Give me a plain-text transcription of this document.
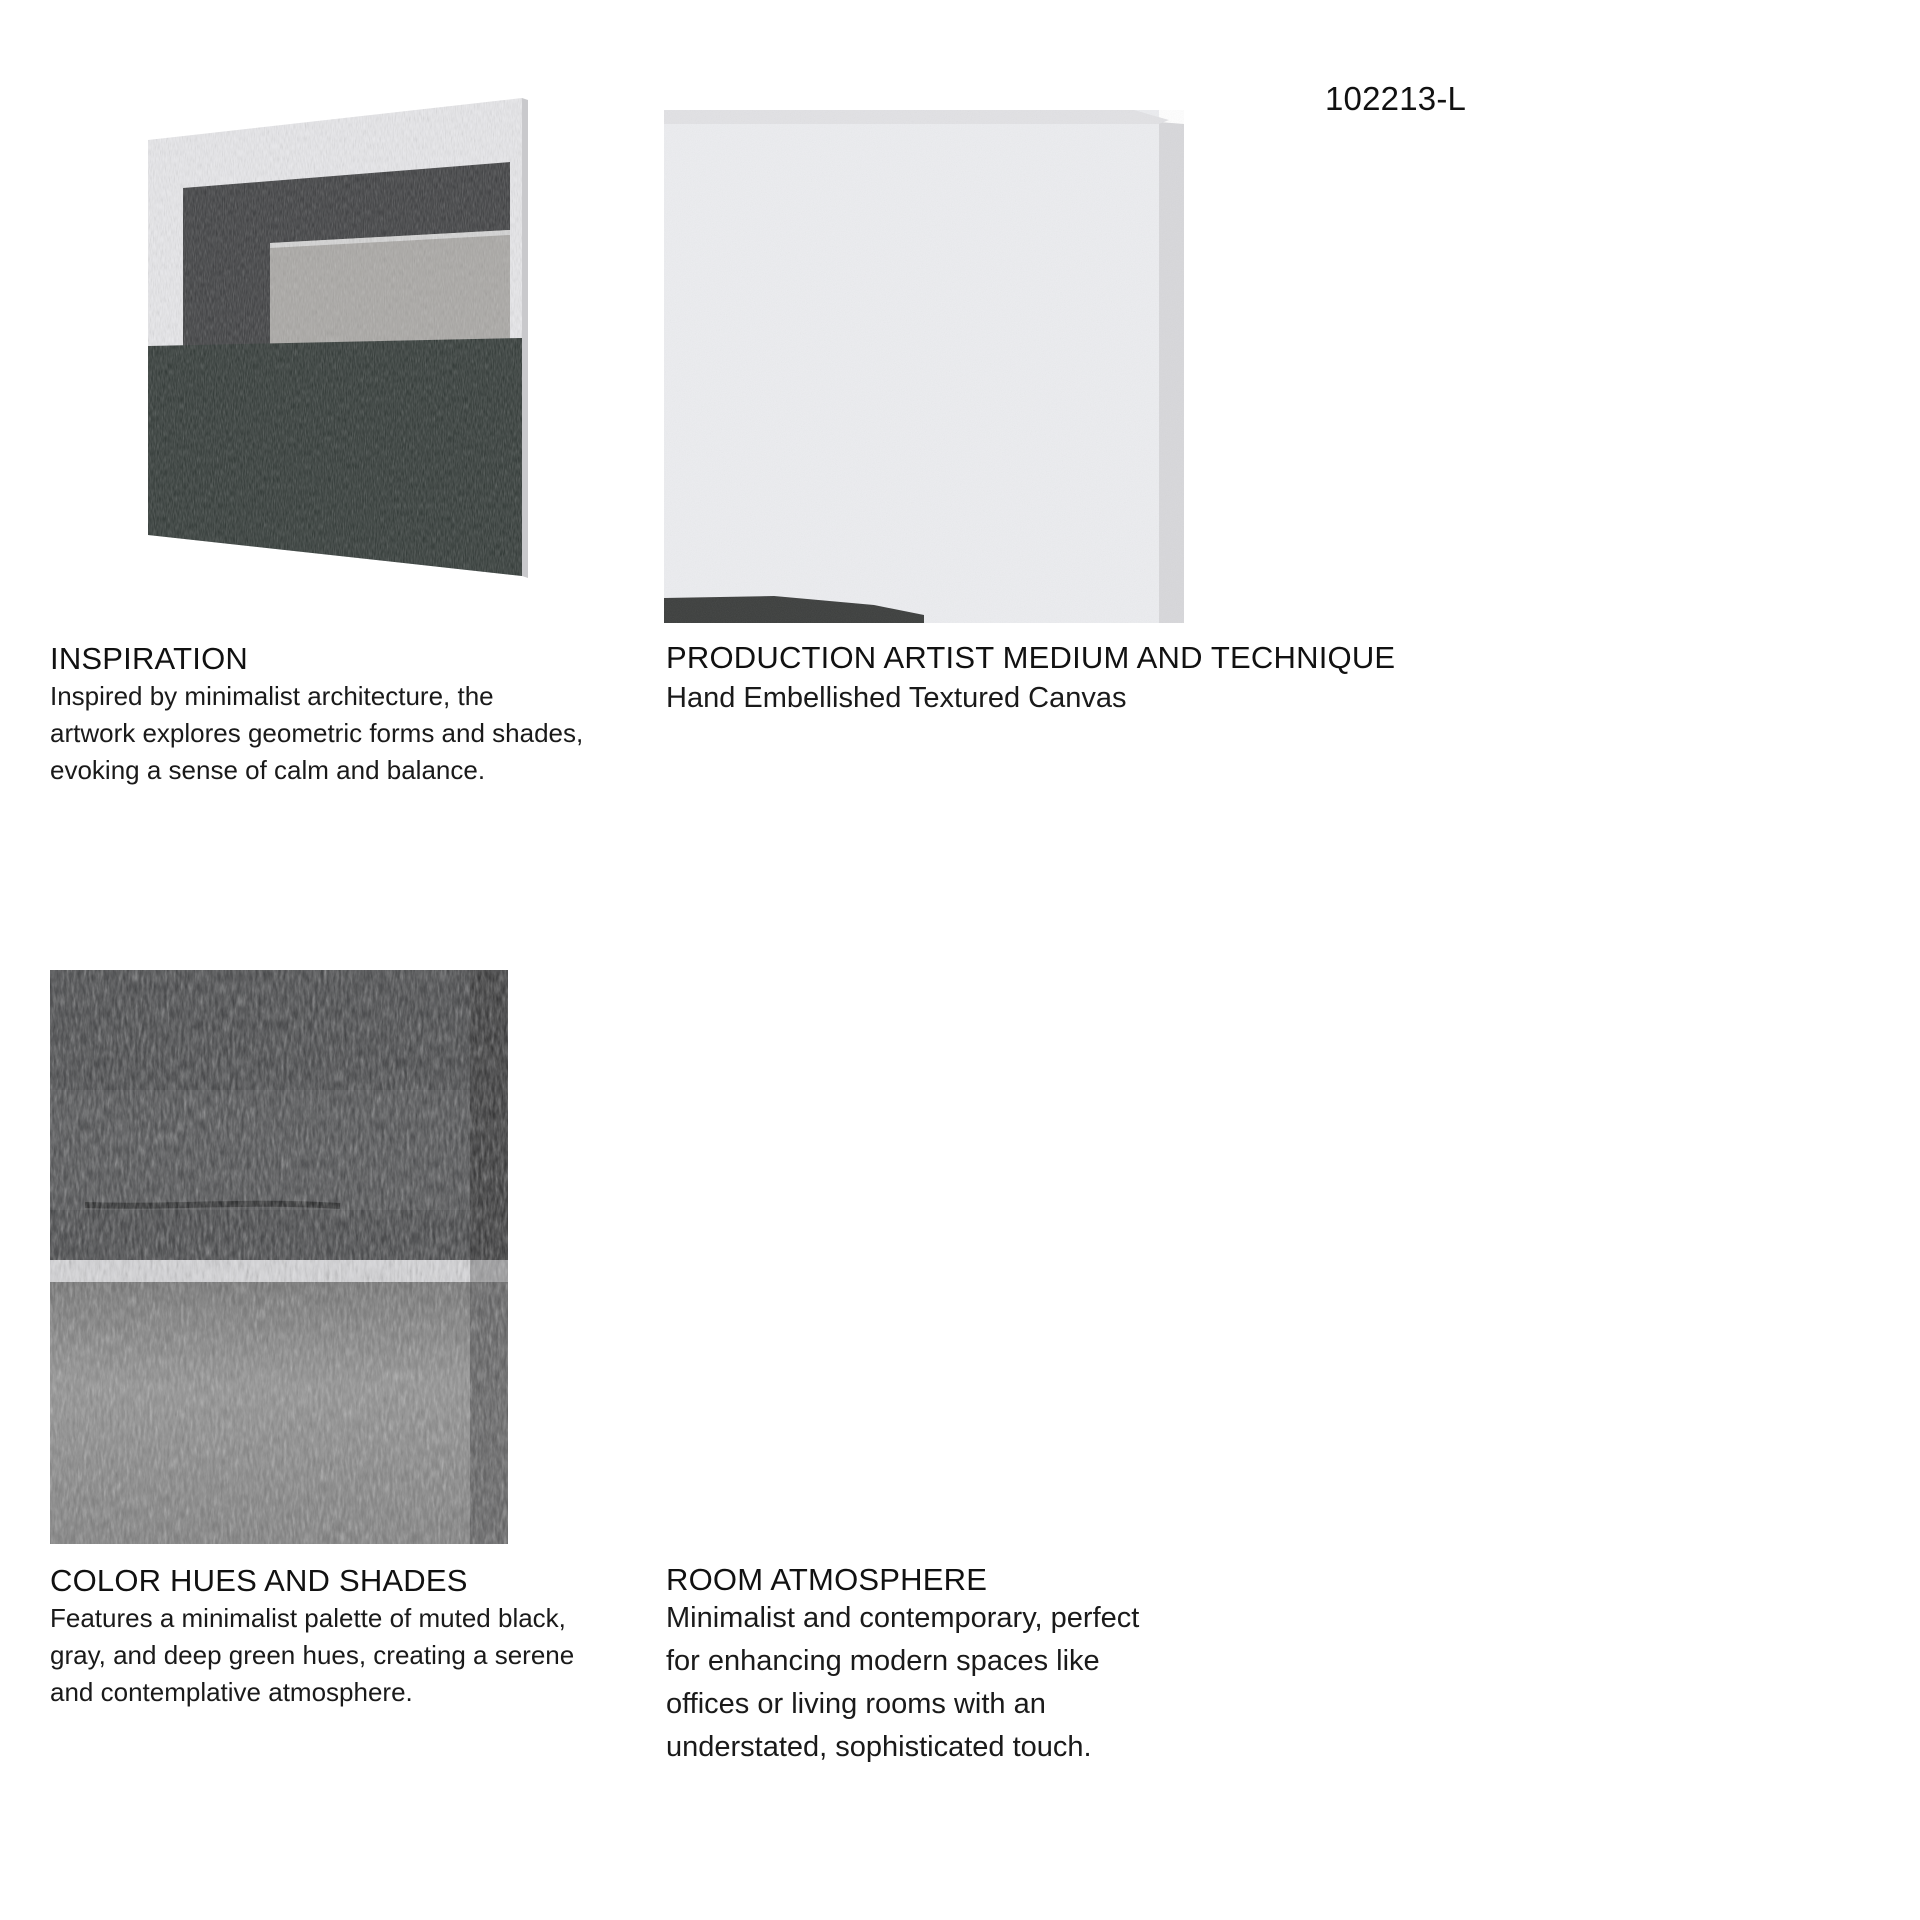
102213-L
INSPIRATION
Inspired by minimalist architecture, the
artwork explores geometric forms and shades,
evoking a sense of calm and balance.
PRODUCTION ARTIST MEDIUM AND TECHNIQUE
Hand Embellished Textured Canvas
COLOR HUES AND SHADES
Features a minimalist palette of muted black,
gray, and deep green hues, creating a serene
and contemplative atmosphere.
ROOM ATMOSPHERE
Minimalist and contemporary, perfect
for enhancing modern spaces like
offices or living rooms with an
understated, sophisticated touch.
